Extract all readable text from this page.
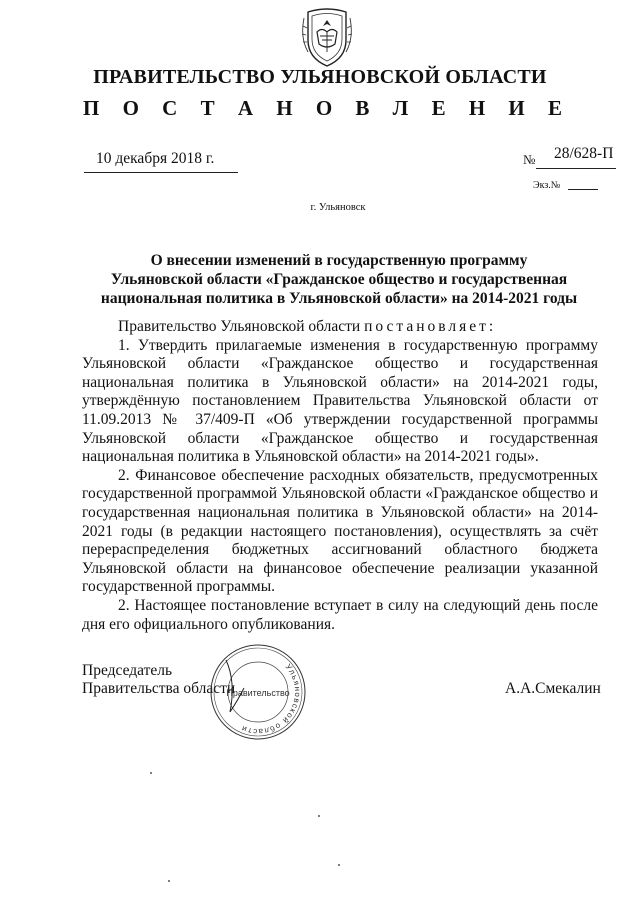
ПРАВИТЕЛЬСТВО УЛЬЯНОВСКОЙ ОБЛАСТИ
П О С Т А Н О В Л Е Н И Е
10 декабря 2018 г.	№ 28/628-П
Экз.№
г. Ульяновск
О внесении изменений в государственную программу
Ульяновской области «Гражданское общество и государственная
национальная политика в Ульяновской области» на 2014-2021 годы

Правительство Ульяновской области постановляет:

1. Утвердить прилагаемые изменения в государственную программу Ульяновской области «Гражданское общество и государственная национальная политика в Ульяновской области» на 2014-2021 годы, утверждённую постановлением Правительства Ульяновской области от 11.09.2013 № 37/409-П «Об утверждении государственной программы Ульяновской области «Гражданское общество и государственная национальная политика в Ульяновской области» на 2014-2021 годы».

2. Финансовое обеспечение расходных обязательств, предусмотренных государственной программой Ульяновской области «Гражданское общество и государственная национальная политика в Ульяновской области» на 2014-2021 годы (в редакции настоящего постановления), осуществлять за счёт перераспределения бюджетных ассигнований областного бюджета Ульяновской области на финансовое обеспечение реализации указанной государственной программы.

2. Настоящее постановление вступает в силу на следующий день после дня его официального опубликования.

Председатель
Правительства области	А.А.Смекалин
Ульяновской области
Правительство
